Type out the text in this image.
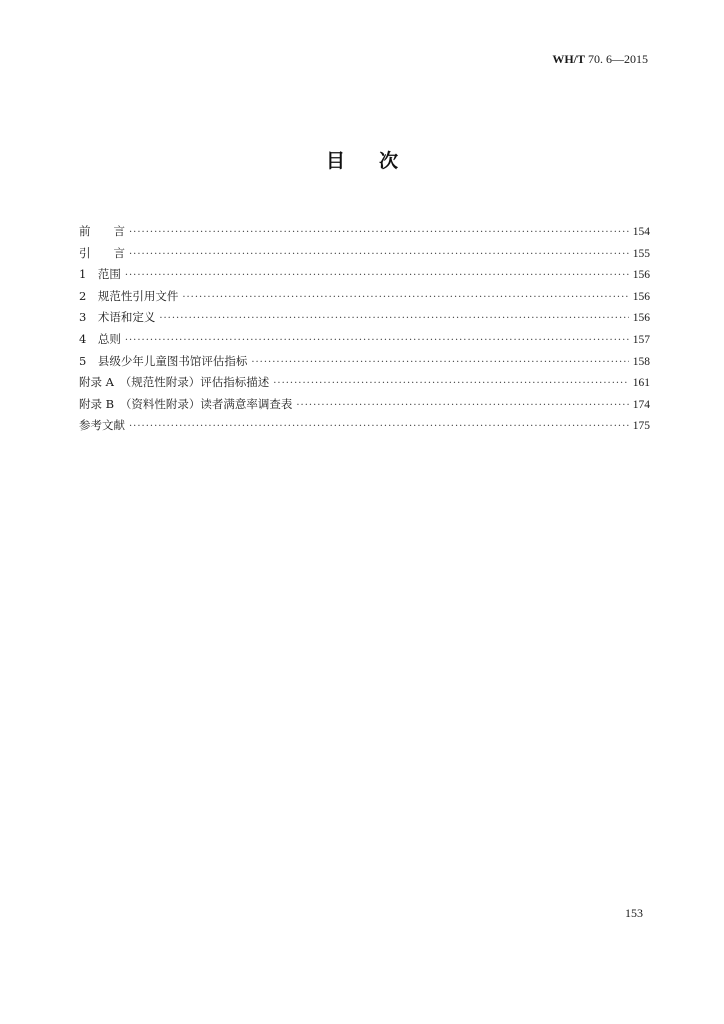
WH/T 70. 6—2015
目次
前　　言 ·····	154
引　　言 ·····	155
1　范围 ·····	156
2　规范性引用文件 ·····	156
3　术语和定义 ·····	156
4　总则 ·····	157
5　县级少年儿童图书馆评估指标 ·····	158
附录 A　（规范性附录）评估指标描述 ·····	161
附录 B　（资料性附录）读者满意率调查表 ·····	174
参考文献 ·····	175
153
